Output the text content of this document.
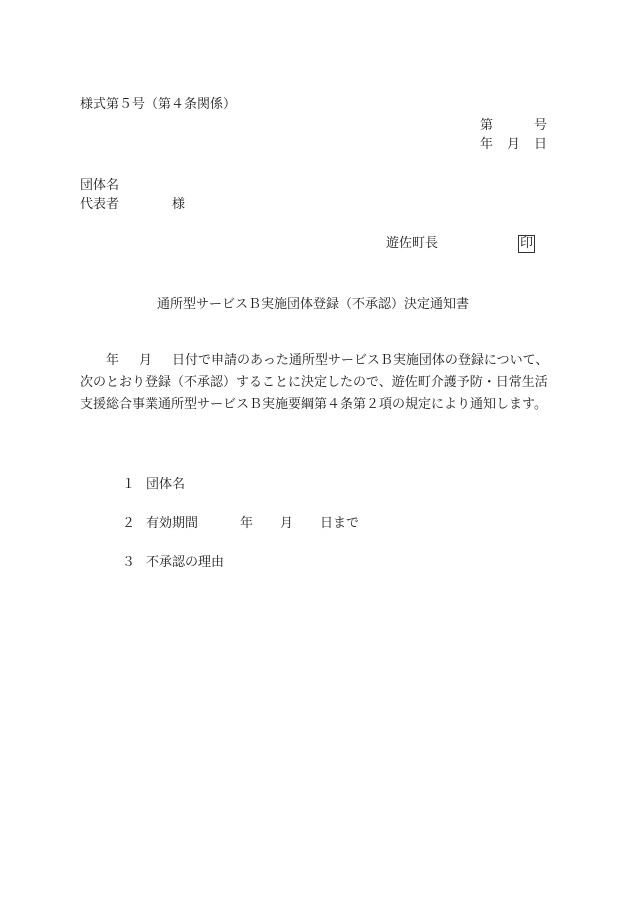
様式第５号（第４条関係）
第	号
年 月 日
団体名
代表者	様
遊佐町長	印
通所型サービスＢ実施団体登録（不承認）決定通知書
年 月 日付で申請のあった通所型サービスＢ実施団体の登録について、次のとおり登録（不承認）することに決定したので、遊佐町介護予防・日常生活支援総合事業通所型サービスＢ実施要綱第４条第２項の規定により通知します。
１ 団体名
２ 有効期間	年 月 日まで
３ 不承認の理由
